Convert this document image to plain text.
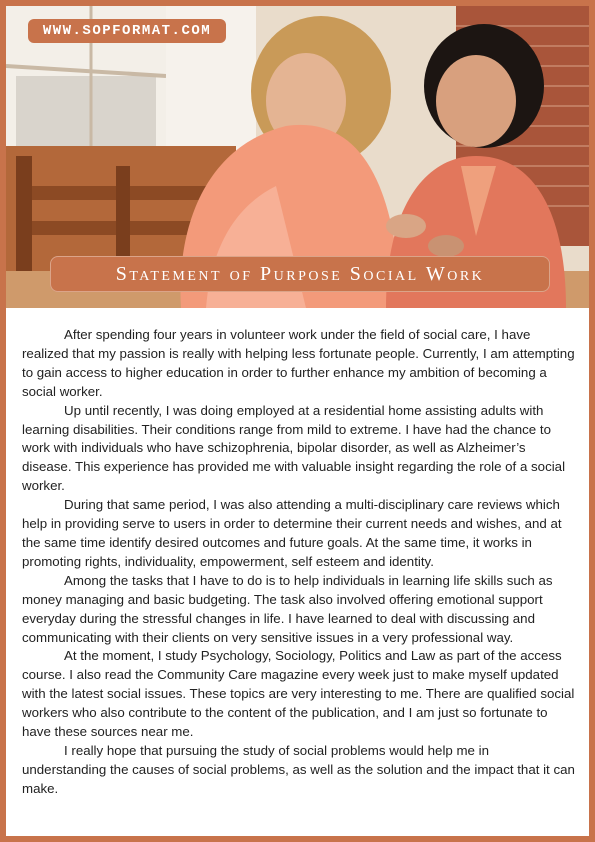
WWW.SOPFORMAT.COM
Statement of Purpose Social Work

After spending four years in volunteer work under the field of social care, I have realized that my passion is really with helping less fortunate people. Currently, I am attempting to gain access to higher education in order to further enhance my ambition of becoming a social worker.

Up until recently, I was doing employed at a residential home assisting adults with learning disabilities. Their conditions range from mild to extreme. I have had the chance to work with individuals who have schizophrenia, bipolar disorder, as well as Alzheimer’s disease. This experience has provided me with valuable insight regarding the role of a social worker.

During that same period, I was also attending a multi-disciplinary care reviews which help in providing serve to users in order to determine their current needs and wishes, and at the same time identify desired outcomes and future goals. At the same time, it works in promoting rights, individuality, empowerment, self esteem and identity.

Among the tasks that I have to do is to help individuals in learning life skills such as money managing and basic budgeting. The task also involved offering emotional support everyday during the stressful changes in life. I have learned to deal with discussing and communicating with their clients on very sensitive issues in a very professional way.

At the moment, I study Psychology, Sociology, Politics and Law as part of the access course. I also read the Community Care magazine every week just to make myself updated with the latest social issues. These topics are very interesting to me. There are qualified social workers who also contribute to the content of the publication, and I am just so fortunate to have these sources near me.

I really hope that pursuing the study of social problems would help me in understanding the causes of social problems, as well as the solution and the impact that it can make.
